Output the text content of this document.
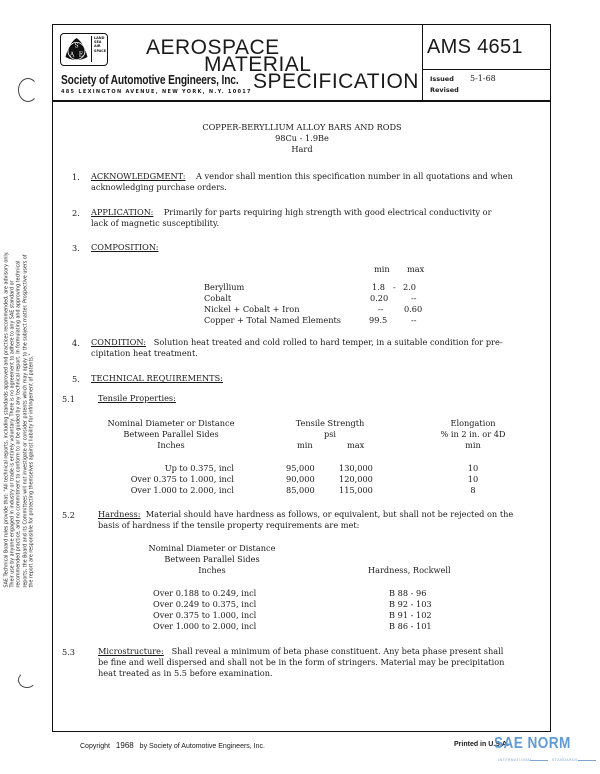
SAE Technical Board rules provide that: "All technical reports, including standards approved and practices recommended, are advisory only. Their use by anyone engaged in industry or trade is entirely voluntary. There is no agreement to adhere to any SAE standard or recommended practice, and no commitment to conform to or be guided by any technical report. In formulating and approving technical reports, the Board and its Committees will not investigate or consider patents which may apply to the subject matter. Prospective users of the report are responsible for protecting themselves against liability for infringement of patents."
S
A E
LAND
SEA
AIR
SPACE AEROSPACE
MATERIAL
SPECIFICATION
Society of Automotive Engineers, Inc.
485 LEXINGTON AVENUE, NEW YORK, N.Y. 10017
AMS 4651
Issued 5-1-68
Revised
COPPER-BERYLLIUM ALLOY BARS AND RODS
98Cu - 1.9Be
Hard
1. ACKNOWLEDGMENT: A vendor shall mention this specification number in all quotations and when
acknowledging purchase orders.
2. APPLICATION: Primarily for parts requiring high strength with good electrical conductivity or
lack of magnetic susceptibility.
3. COMPOSITION:
min max
Beryllium	1.8 - 2.0
Cobalt	0.20	--
Nickel + Cobalt + Iron	-- 0.60
Copper + Total Named Elements	99.5	--
4. CONDITION: Solution heat treated and cold rolled to hard temper, in a suitable condition for pre-
cipitation heat treatment.
5. TECHNICAL REQUIREMENTS:
5.1	Tensile Properties:
Nominal Diameter or Distance
Between Parallel Sides
Inches
Tensile Strength
psi
min	max
Elongation
% in 2 in. or 4D
min
Up to 0.375, incl	95,000	130,000	10
Over 0.375 to 1.000, incl	90,000	120,000	10
Over 1.000 to 2.000, incl	85,000	115,000	8
5.2	Hardness: Material should have hardness as follows, or equivalent, but shall not be rejected on the
basis of hardness if the tensile property requirements are met:
Nominal Diameter or Distance
Between Parallel Sides
Inches	Hardness, Rockwell
Over 0.188 to 0.249, incl	B 88 - 96
Over 0.249 to 0.375, incl	B 92 - 103
Over 0.375 to 1.000, incl	B 91 - 102
Over 1.000 to 2.000, incl	B 86 - 101
5.3	Microstructure: Shall reveal a minimum of beta phase constituent. Any beta phase present shall
be fine and well dispersed and shall not be in the form of stringers. Material may be precipitation
heat treated as in 5.5 before examination.
Copyright 1968 by Society of Automotive Engineers, Inc.	Printed in U.S.A.
SAE NORM
INTERNATIONAL	STANDARDS
